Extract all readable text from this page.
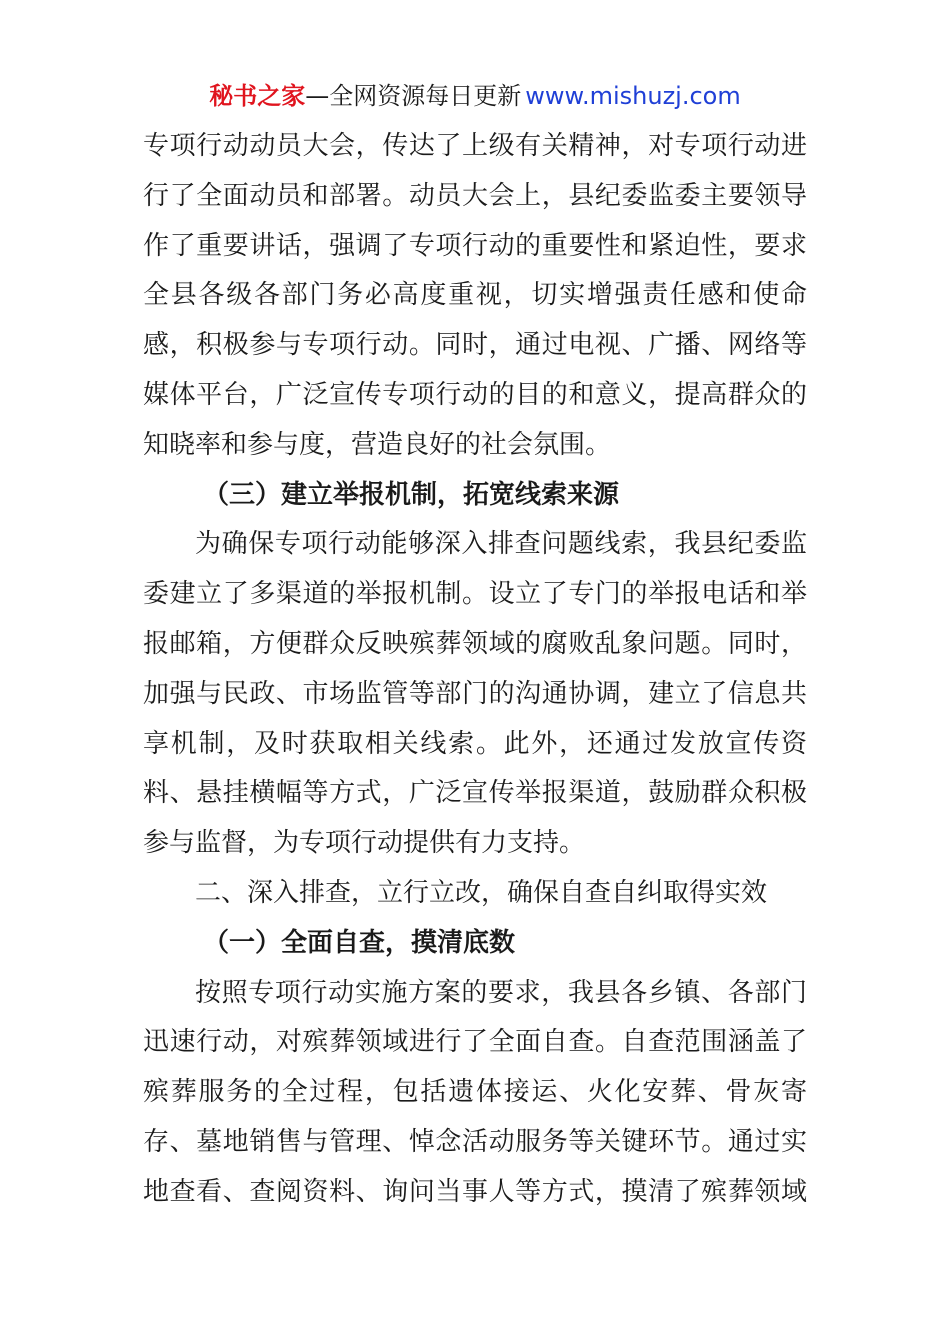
秘书之家—全网资源每日更新 www.mishuzj.com
专项行动动员大会，传达了上级有关精神，对专项行动进
行了全面动员和部署。动员大会上，县纪委监委主要领导
作了重要讲话，强调了专项行动的重要性和紧迫性，要求
全县各级各部门务必高度重视，切实增强责任感和使命
感，积极参与专项行动。同时，通过电视、广播、网络等
媒体平台，广泛宣传专项行动的目的和意义，提高群众的
知晓率和参与度，营造良好的社会氛围。
（三）建立举报机制，拓宽线索来源
为确保专项行动能够深入排查问题线索，我县纪委监
委建立了多渠道的举报机制。设立了专门的举报电话和举
报邮箱，方便群众反映殡葬领域的腐败乱象问题。同时，
加强与民政、市场监管等部门的沟通协调，建立了信息共
享机制，及时获取相关线索。此外，还通过发放宣传资
料、悬挂横幅等方式，广泛宣传举报渠道，鼓励群众积极
参与监督，为专项行动提供有力支持。
二、深入排查，立行立改，确保自查自纠取得实效
（一）全面自查，摸清底数
按照专项行动实施方案的要求，我县各乡镇、各部门
迅速行动，对殡葬领域进行了全面自查。自查范围涵盖了
殡葬服务的全过程，包括遗体接运、火化安葬、骨灰寄
存、墓地销售与管理、悼念活动服务等关键环节。通过实
地查看、查阅资料、询问当事人等方式，摸清了殡葬领域
